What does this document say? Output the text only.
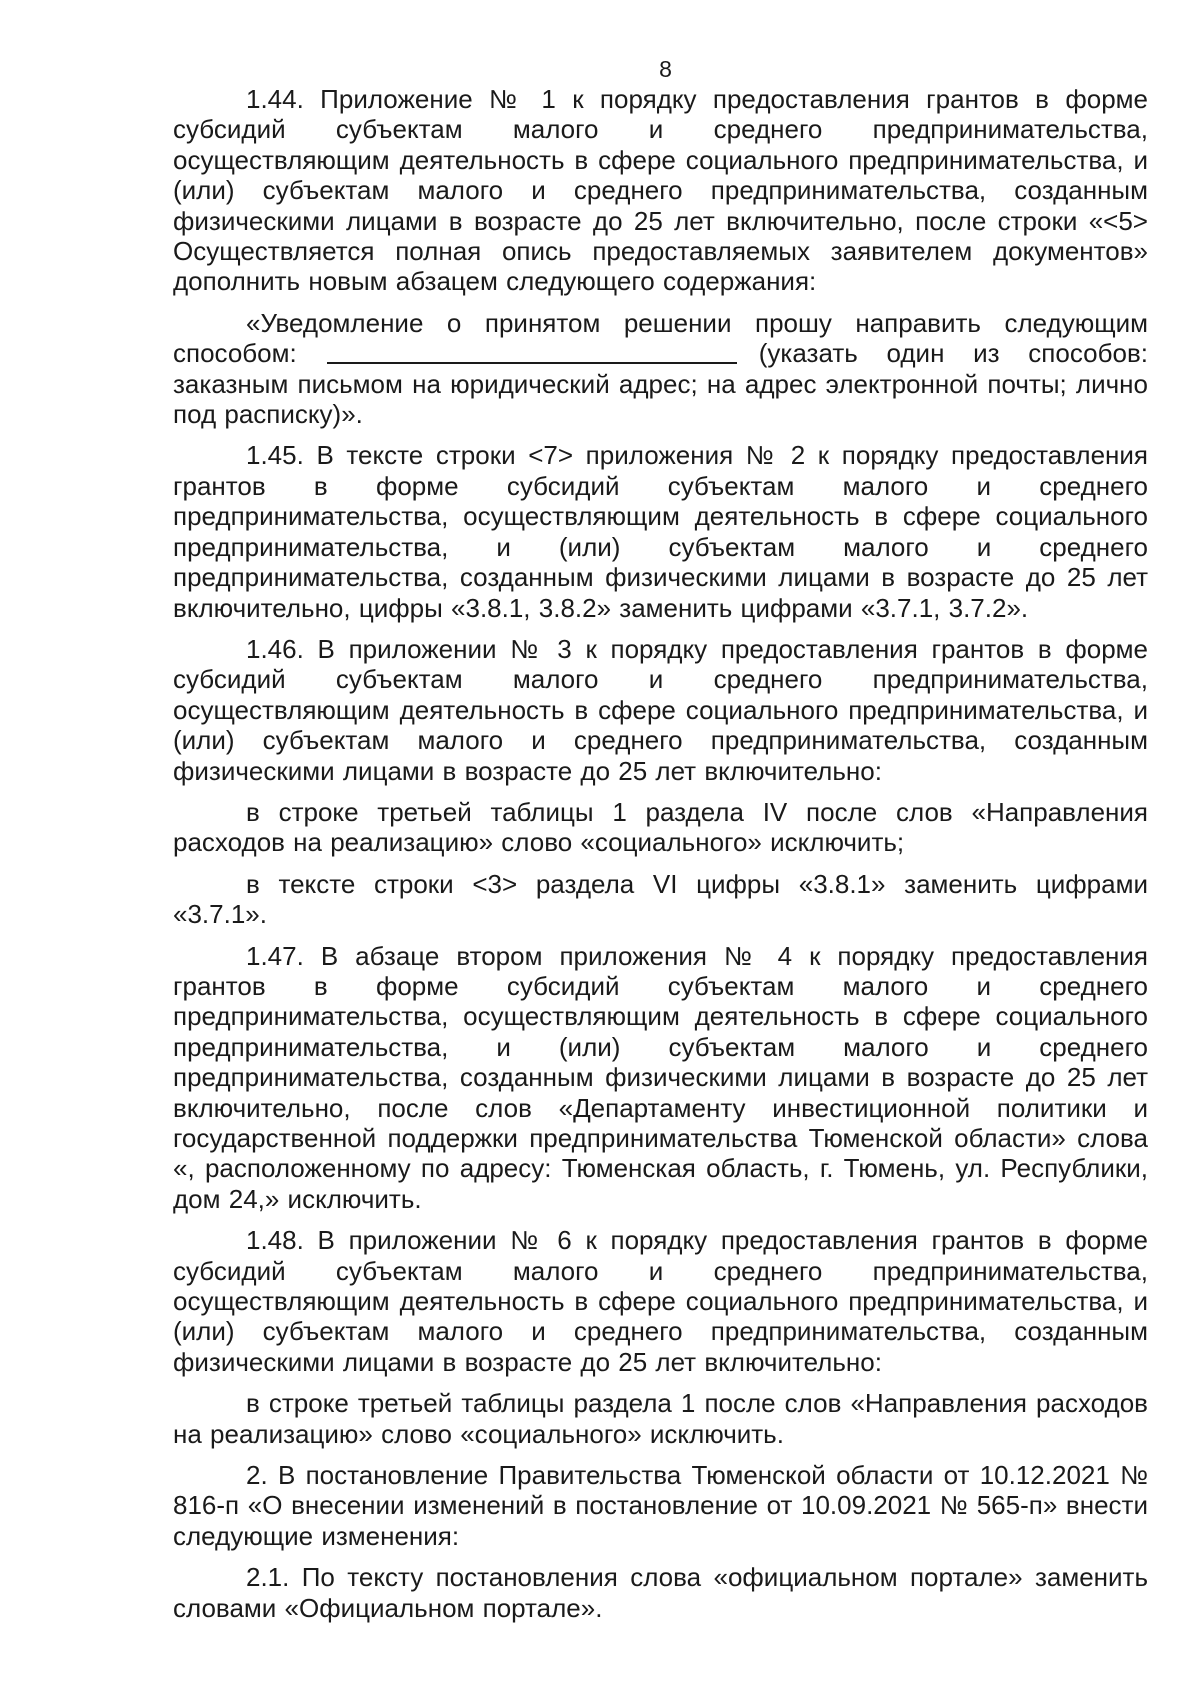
8

1.44. Приложение № 1 к порядку предоставления грантов в форме субсидий субъектам малого и среднего предпринимательства, осуществляющим деятельность в сфере социального предпринимательства, и (или) субъектам малого и среднего предпринимательства, созданным физическими лицами в возрасте до 25 лет включительно, после строки «<5> Осуществляется полная опись предоставляемых заявителем документов» дополнить новым абзацем следующего содержания:

«Уведомление о принятом решении прошу направить следующим способом:	(указать один из способов: заказным письмом на юридический адрес; на адрес электронной почты; лично под расписку)».

1.45. В тексте строки <7> приложения № 2 к порядку предоставления грантов в форме субсидий субъектам малого и среднего предпринимательства, осуществляющим деятельность в сфере социального предпринимательства, и (или) субъектам малого и среднего предпринимательства, созданным физическими лицами в возрасте до 25 лет включительно, цифры «3.8.1, 3.8.2» заменить цифрами «3.7.1, 3.7.2».

1.46. В приложении № 3 к порядку предоставления грантов в форме субсидий субъектам малого и среднего предпринимательства, осуществляющим деятельность в сфере социального предпринимательства, и (или) субъектам малого и среднего предпринимательства, созданным физическими лицами в возрасте до 25 лет включительно:

в строке третьей таблицы 1 раздела IV после слов «Направления расходов на реализацию» слово «социального» исключить;

в тексте строки <3> раздела VI цифры «3.8.1» заменить цифрами «3.7.1».

1.47. В абзаце втором приложения № 4 к порядку предоставления грантов в форме субсидий субъектам малого и среднего предпринимательства, осуществляющим деятельность в сфере социального предпринимательства, и (или) субъектам малого и среднего предпринимательства, созданным физическими лицами в возрасте до 25 лет включительно, после слов «Департаменту инвестиционной политики и государственной поддержки предпринимательства Тюменской области» слова «, расположенному по адресу: Тюменская область, г. Тюмень, ул. Республики, дом 24,» исключить.

1.48. В приложении № 6 к порядку предоставления грантов в форме субсидий субъектам малого и среднего предпринимательства, осуществляющим деятельность в сфере социального предпринимательства, и (или) субъектам малого и среднего предпринимательства, созданным физическими лицами в возрасте до 25 лет включительно:

в строке третьей таблицы раздела 1 после слов «Направления расходов на реализацию» слово «социального» исключить.

2. В постановление Правительства Тюменской области от 10.12.2021 № 816-п «О внесении изменений в постановление от 10.09.2021 № 565-п» внести следующие изменения:

2.1. По тексту постановления слова «официальном портале» заменить словами «Официальном портале».
